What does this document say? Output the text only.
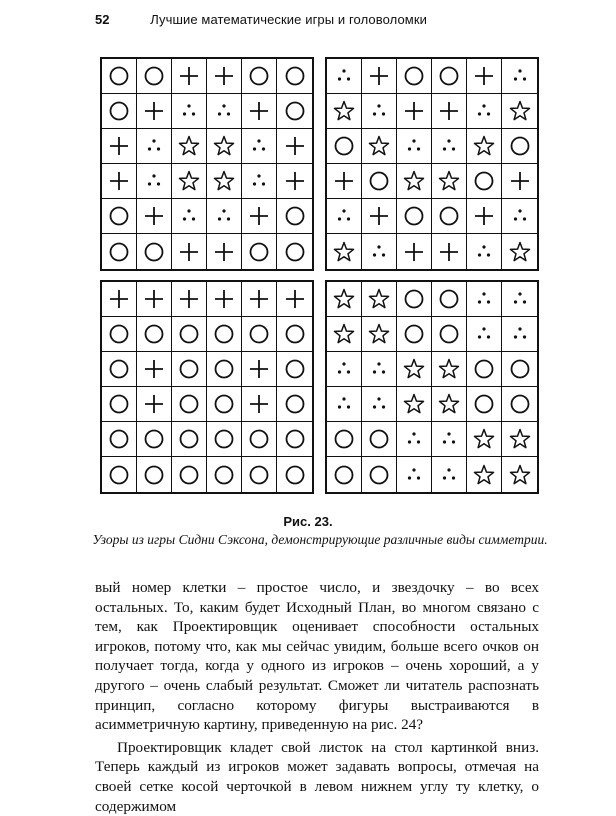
52	Лучшие математические игры и головоломки
Рис. 23.
Узоры из игры Сидни Сэксона, демонстрирующие различные виды симметрии.

вый номер клетки – простое число, и звездочку – во всех остальных. То, каким будет Исходный План, во многом связано с тем, как Проектировщик оценивает способности остальных игроков, потому что, как мы сейчас увидим, больше всего очков он получает тогда, когда у одного из игроков – очень хороший, а у другого – очень слабый результат. Сможет ли читатель распознать принцип, согласно которому фигуры выстраиваются в асимметричную картину, приведенную на рис. 24?

Проектировщик кладет свой листок на стол картинкой вниз. Теперь каждый из игроков может задавать вопросы, отмечая на своей сетке косой черточкой в левом нижнем углу ту клетку, о содержимом
